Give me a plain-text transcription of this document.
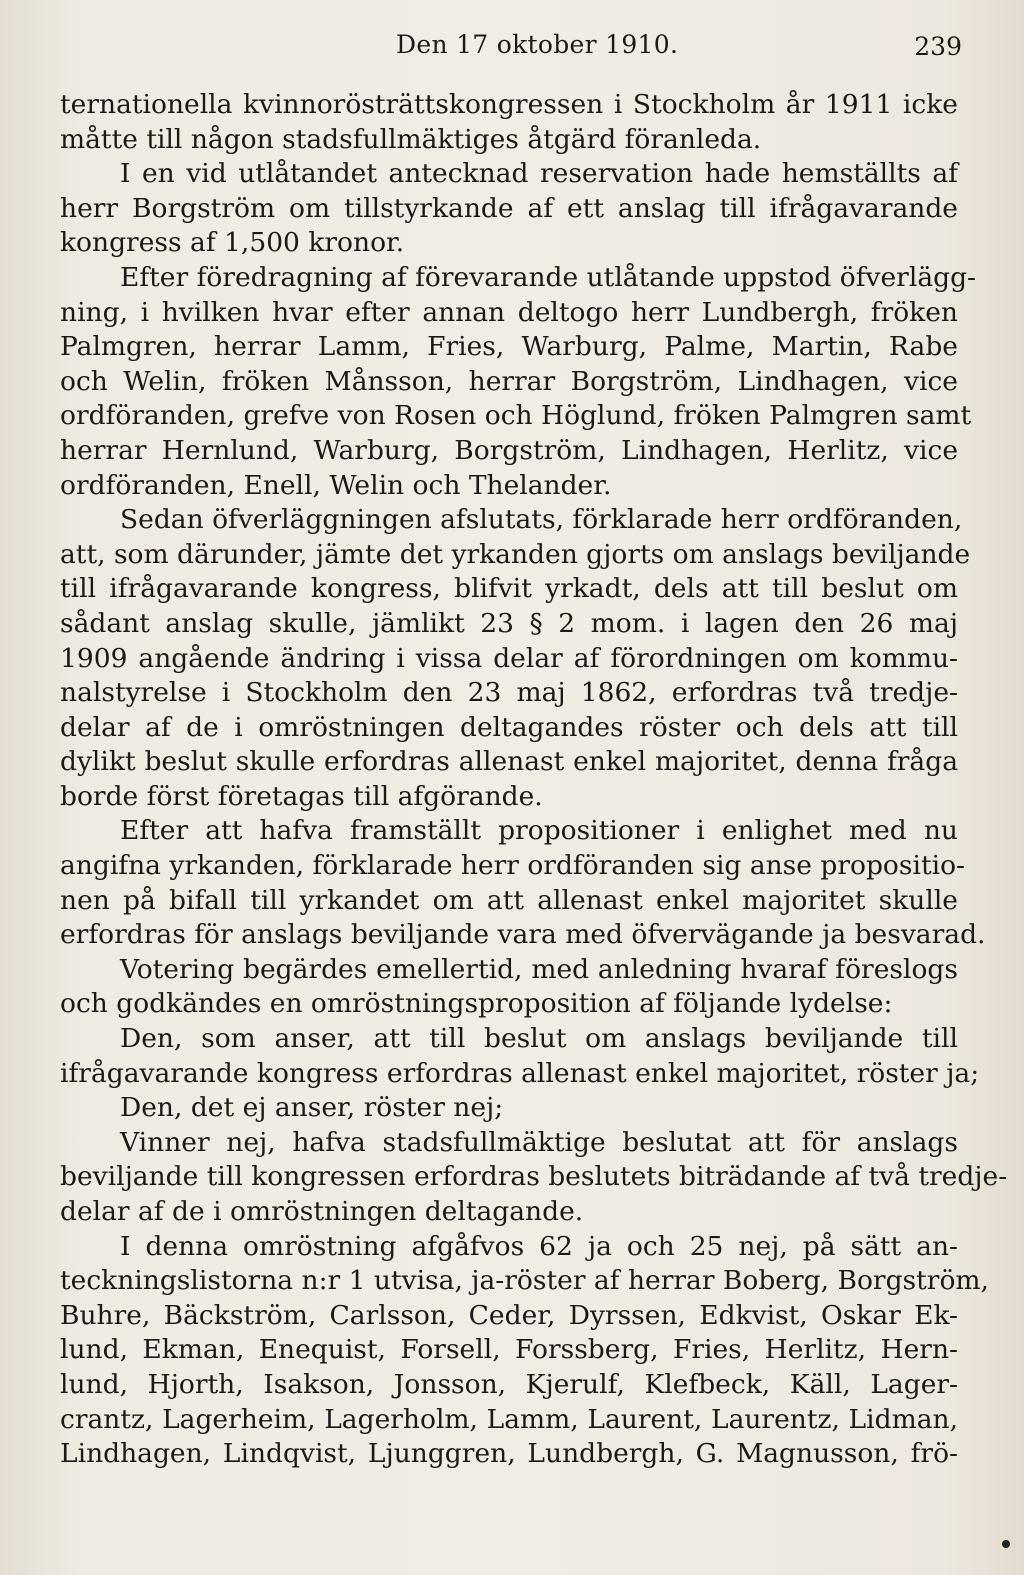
Den 17 oktober 1910.	239
ternationella kvinnorösträttskongressen i Stockholm år 1911 icke
måtte till någon stadsfullmäktiges åtgärd föranleda.
I en vid utlåtandet antecknad reservation hade hemställts af
herr Borgström om tillstyrkande af ett anslag till ifrågavarande
kongress af 1,500 kronor.
Efter föredragning af förevarande utlåtande uppstod öfverlägg-
ning, i hvilken hvar efter annan deltogo herr Lundbergh, fröken
Palmgren, herrar Lamm, Fries, Warburg, Palme, Martin, Rabe
och Welin, fröken Månsson, herrar Borgström, Lindhagen, vice
ordföranden, grefve von Rosen och Höglund, fröken Palmgren samt
herrar Hernlund, Warburg, Borgström, Lindhagen, Herlitz, vice
ordföranden, Enell, Welin och Thelander.
Sedan öfverläggningen afslutats, förklarade herr ordföranden,
att, som därunder, jämte det yrkanden gjorts om anslags beviljande
till ifrågavarande kongress, blifvit yrkadt, dels att till beslut om
sådant anslag skulle, jämlikt 23 § 2 mom. i lagen den 26 maj
1909 angående ändring i vissa delar af förordningen om kommu-
nalstyrelse i Stockholm den 23 maj 1862, erfordras två tredje-
delar af de i omröstningen deltagandes röster och dels att till
dylikt beslut skulle erfordras allenast enkel majoritet, denna fråga
borde först företagas till afgörande.
Efter att hafva framställt propositioner i enlighet med nu
angifna yrkanden, förklarade herr ordföranden sig anse propositio-
nen på bifall till yrkandet om att allenast enkel majoritet skulle
erfordras för anslags beviljande vara med öfvervägande ja besvarad.
Votering begärdes emellertid, med anledning hvaraf föreslogs
och godkändes en omröstningsproposition af följande lydelse:
Den, som anser, att till beslut om anslags beviljande till
ifrågavarande kongress erfordras allenast enkel majoritet, röster ja;
Den, det ej anser, röster nej;
Vinner nej, hafva stadsfullmäktige beslutat att för anslags
beviljande till kongressen erfordras beslutets biträdande af två tredje-
delar af de i omröstningen deltagande.
I denna omröstning afgåfvos 62 ja och 25 nej, på sätt an-
teckningslistorna n:r 1 utvisa, ja-röster af herrar Boberg, Borgström,
Buhre, Bäckström, Carlsson, Ceder, Dyrssen, Edkvist, Oskar Ek-
lund, Ekman, Enequist, Forsell, Forssberg, Fries, Herlitz, Hern-
lund, Hjorth, Isakson, Jonsson, Kjerulf, Klefbeck, Käll, Lager-
crantz, Lagerheim, Lagerholm, Lamm, Laurent, Laurentz, Lidman,
Lindhagen, Lindqvist, Ljunggren, Lundbergh, G. Magnusson, frö-
